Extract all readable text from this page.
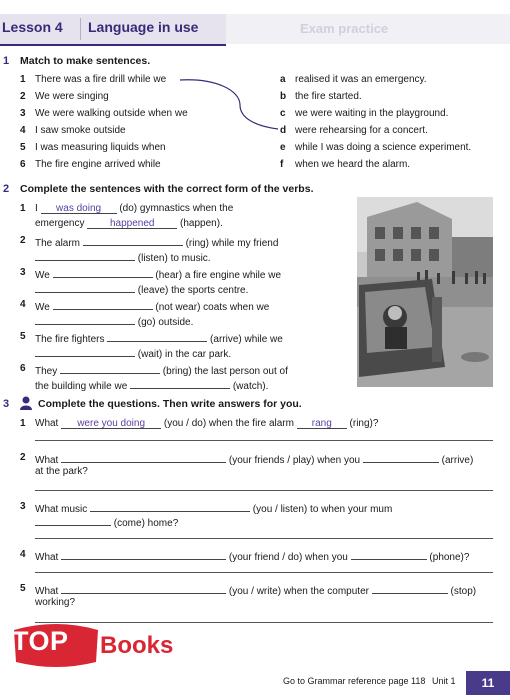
Exam practice
Lesson 4 Language in use
1 Match to make sentences.
1 There was a fire drill while we
2 We were singing
3 We were walking outside when we
4 I saw smoke outside
5 I was measuring liquids when
6 The fire engine arrived while
a realised it was an emergency.
b the fire started.
c we were waiting in the playground.
d were rehearsing for a concert.
e while I was doing a science experiment.
f when we heard the alarm.
2 Complete the sentences with the correct form of the verbs.
1 I was doing (do) gymnastics when the
emergency	happened	(happen).
2 The alarm	(ring) while my friend
(listen) to music.
3 We	(hear) a fire engine while we
(leave) the sports centre.
4 We	(not wear) coats when we
(go) outside.
5 The fire fighters	(arrive) while we
(wait) in the car park.
6 They	(bring) the last person out of
the building while we	(watch).
3	Complete the questions. Then write answers for you.
1 What were you doing (you / do) when the fire alarm rang (ring)?
2 What	(your friends / play) when you	(arrive)
at the park?
3 What music	(you / listen) to when your mum
(come) home?
4 What	(your friend / do) when you	(phone)?
5 What	(you / write) when the computer	(stop)
working?
TOP Books
Go to Grammar reference page 118 Unit 1	11
